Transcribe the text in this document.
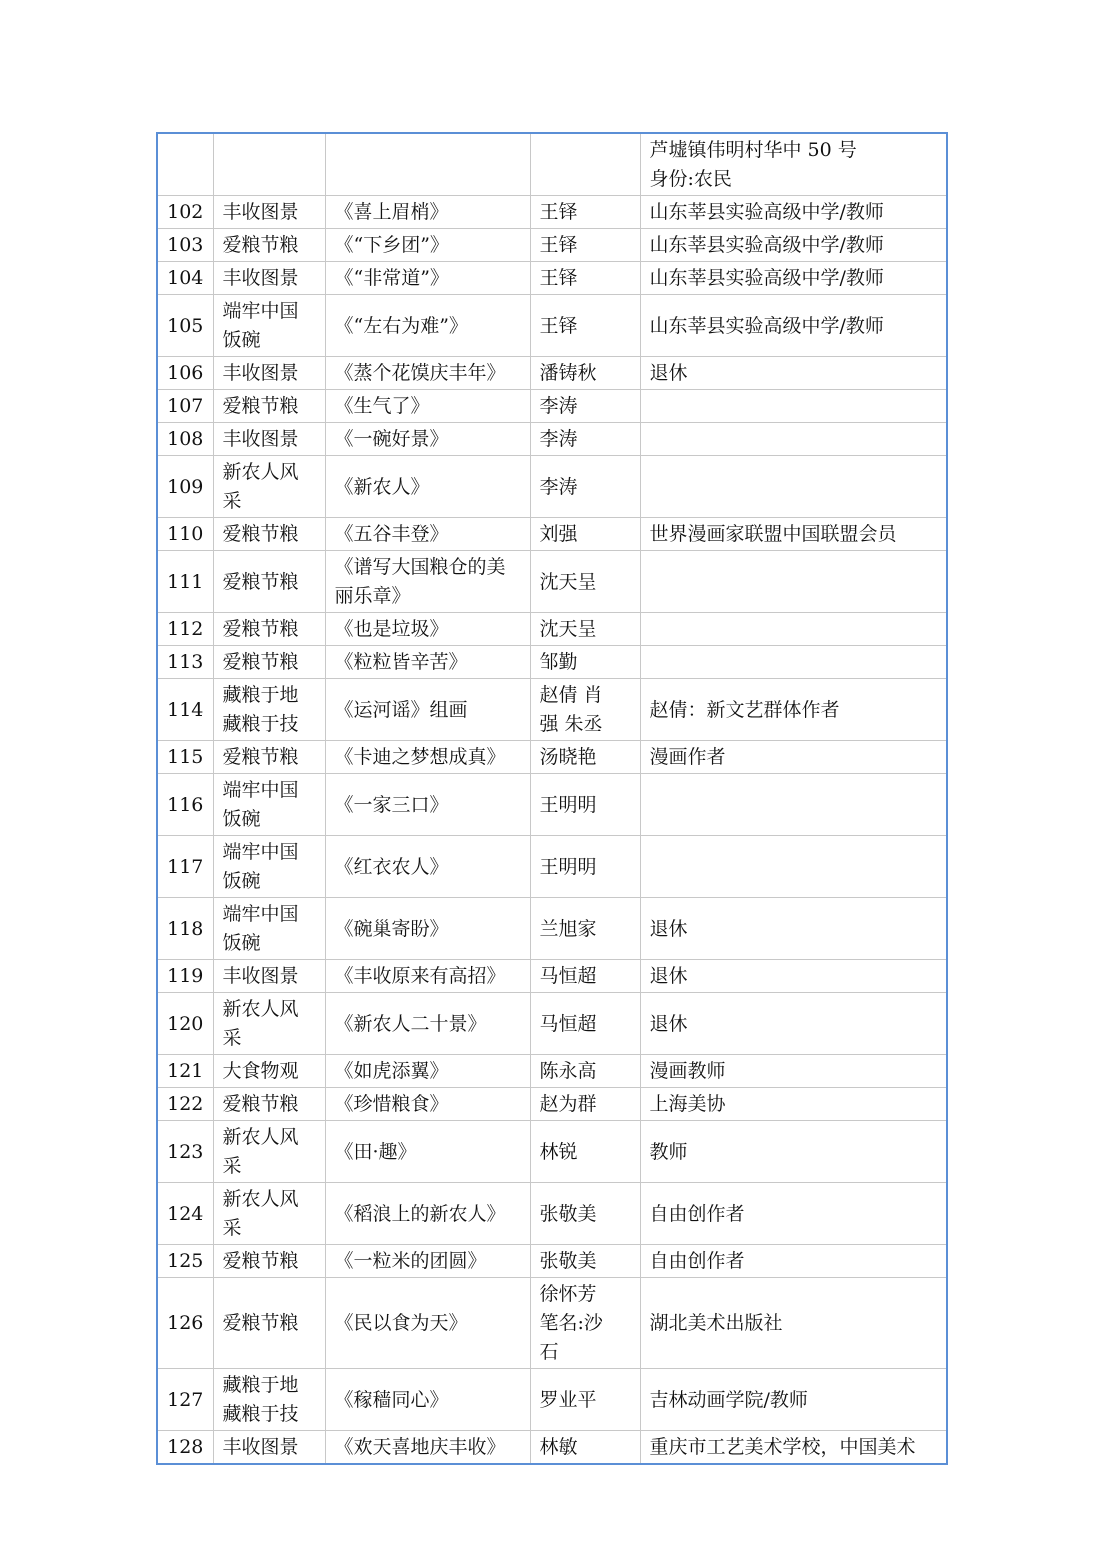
				芦墟镇伟明村华中 50 号
身份:农民
102	丰收图景	《喜上眉梢》	王铎	山东莘县实验高级中学/教师
103	爱粮节粮	《“下乡团”》	王铎	山东莘县实验高级中学/教师
104	丰收图景	《“非常道”》	王铎	山东莘县实验高级中学/教师
105	端牢中国
饭碗	《“左右为难”》	王铎	山东莘县实验高级中学/教师
106	丰收图景	《蒸个花馍庆丰年》	潘铸秋	退休
107	爱粮节粮	《生气了》	李涛	
108	丰收图景	《一碗好景》	李涛	
109	新农人风
采	《新农人》	李涛	
110	爱粮节粮	《五谷丰登》	刘强	世界漫画家联盟中国联盟会员
111	爱粮节粮	《谱写大国粮仓的美
丽乐章》	沈天呈	
112	爱粮节粮	《也是垃圾》	沈天呈	
113	爱粮节粮	《粒粒皆辛苦》	邹勤	
114	藏粮于地
藏粮于技	《运河谣》组画	赵倩 肖
强 朱丞	赵倩：新文艺群体作者
115	爱粮节粮	《卡迪之梦想成真》	汤晓艳	漫画作者
116	端牢中国
饭碗	《一家三口》	王明明	
117	端牢中国
饭碗	《红衣农人》	王明明	
118	端牢中国
饭碗	《碗巢寄盼》	兰旭家	退休
119	丰收图景	《丰收原来有高招》	马恒超	退休
120	新农人风
采	《新农人二十景》	马恒超	退休
121	大食物观	《如虎添翼》	陈永高	漫画教师
122	爱粮节粮	《珍惜粮食》	赵为群	上海美协
123	新农人风
采	《田·趣》	林锐	教师
124	新农人风
采	《稻浪上的新农人》	张敬美	自由创作者
125	爱粮节粮	《一粒米的团圆》	张敬美	自由创作者
126	爱粮节粮	《民以食为天》	徐怀芳
笔名:沙
石	湖北美术出版社
127	藏粮于地
藏粮于技	《稼穑同心》	罗业平	吉林动画学院/教师
128	丰收图景	《欢天喜地庆丰收》	林敏	重庆市工艺美术学校，中国美术
